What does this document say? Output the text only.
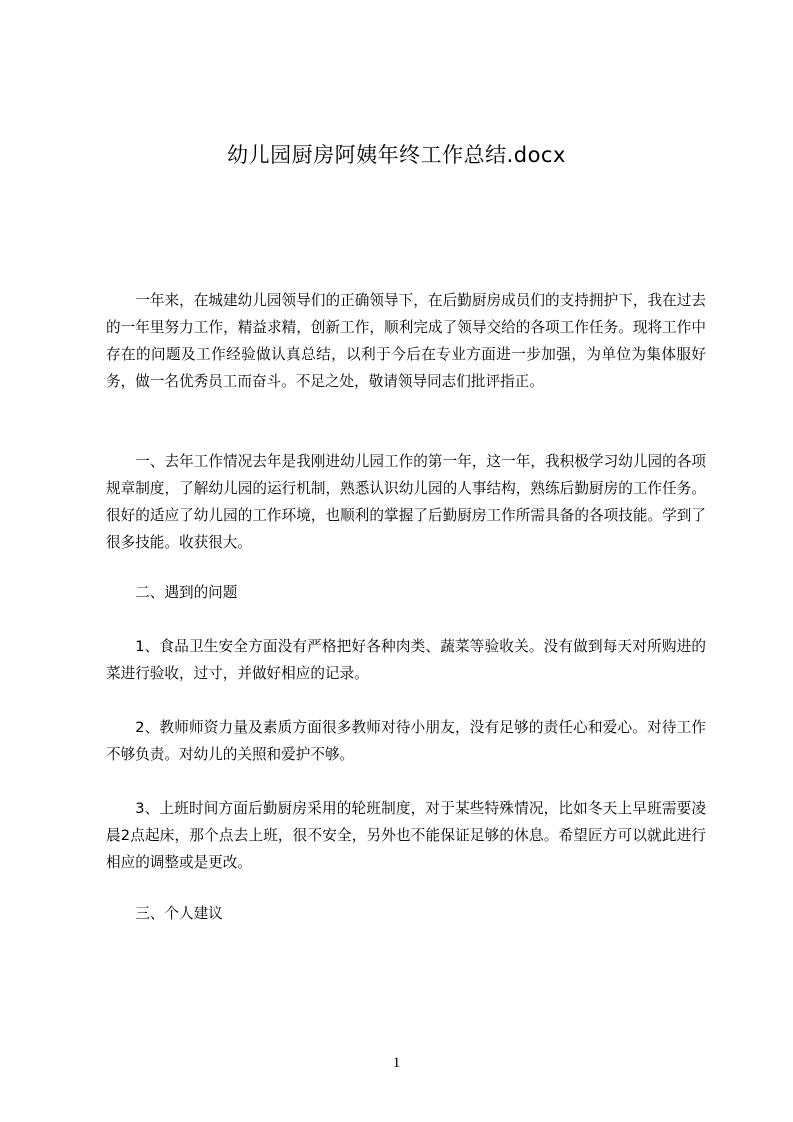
幼儿园厨房阿姨年终工作总结.docx

一年来，在城建幼儿园领导们的正确领导下，在后勤厨房成员们的支持拥护下，我在过去的一年里努力工作，精益求精，创新工作，顺利完成了领导交给的各项工作任务。现将工作中存在的问题及工作经验做认真总结，以利于今后在专业方面进一步加强，为单位为集体服好务，做一名优秀员工而奋斗。不足之处，敬请领导同志们批评指正。

一、去年工作情况去年是我刚进幼儿园工作的第一年，这一年，我积极学习幼儿园的各项规章制度，了解幼儿园的运行机制，熟悉认识幼儿园的人事结构，熟练后勤厨房的工作任务。很好的适应了幼儿园的工作环境，也顺利的掌握了后勤厨房工作所需具备的各项技能。学到了很多技能。收获很大。

二、遇到的问题

1、食品卫生安全方面没有严格把好各种肉类、蔬菜等验收关。没有做到每天对所购进的菜进行验收，过寸，并做好相应的记录。

2、教师师资力量及素质方面很多教师对待小朋友，没有足够的责任心和爱心。对待工作不够负责。对幼儿的关照和爱护不够。

3、上班时间方面后勤厨房采用的轮班制度，对于某些特殊情况，比如冬天上早班需要凌晨2点起床，那个点去上班，很不安全，另外也不能保证足够的休息。希望匠方可以就此进行相应的调整或是更改。

三、个人建议

1
